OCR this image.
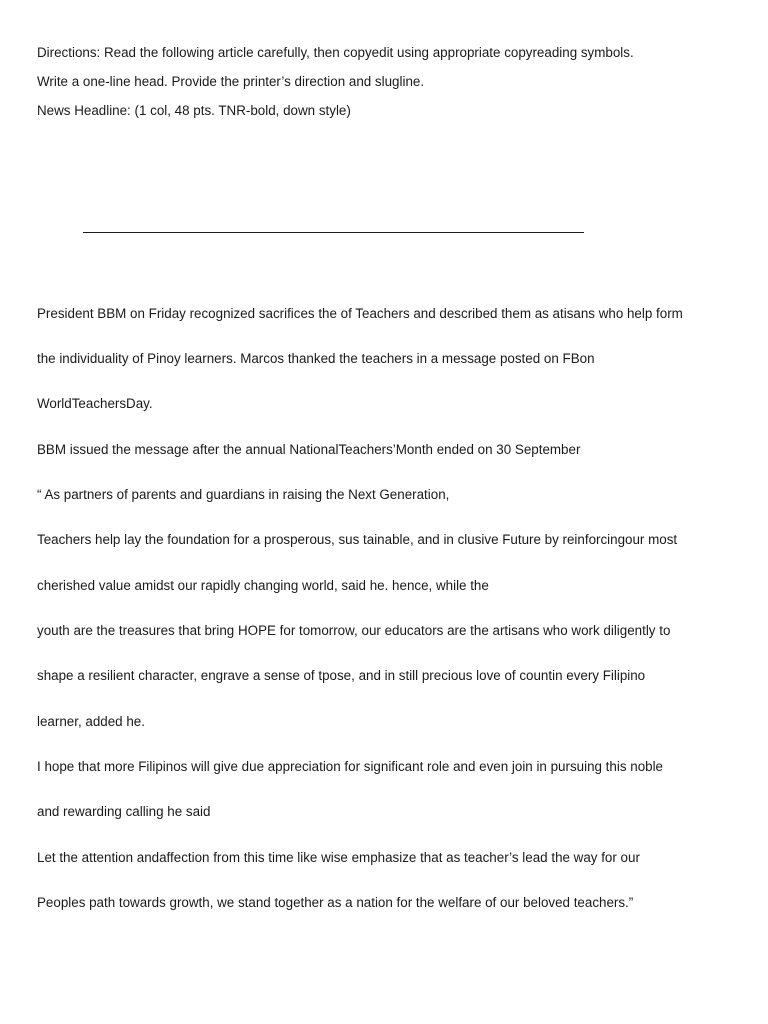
Directions: Read the following article carefully, then copyedit using appropriate copyreading symbols.
Write a one-line head. Provide the printer’s direction and slugline.
News Headline: (1 col, 48 pts. TNR-bold, down style)
President BBM on Friday recognized sacrifices the of Teachers and described them as atisans who help form
the individuality of Pinoy learners. Marcos thanked the teachers in a message posted on FBon
WorldTeachersDay.
BBM issued the message after the annual NationalTeachers’Month ended on 30 September
“ As partners of parents and guardians in raising the Next Generation,
Teachers help lay the foundation for a prosperous, sus tainable, and in clusive Future by reinforcingour most
cherished value amidst our rapidly changing world, said he. hence, while the
youth are the treasures that bring HOPE for tomorrow, our educators are the artisans who work diligently to
shape a resilient character, engrave a sense of tpose, and in still precious love of countin every Filipino
learner, added he.
I hope that more Filipinos will give due appreciation for significant role and even join in pursuing this noble
and rewarding calling he said
Let the attention andaffection from this time like wise emphasize that as teacher’s lead the way for our
Peoples path towards growth, we stand together as a nation for the welfare of our beloved teachers.”
